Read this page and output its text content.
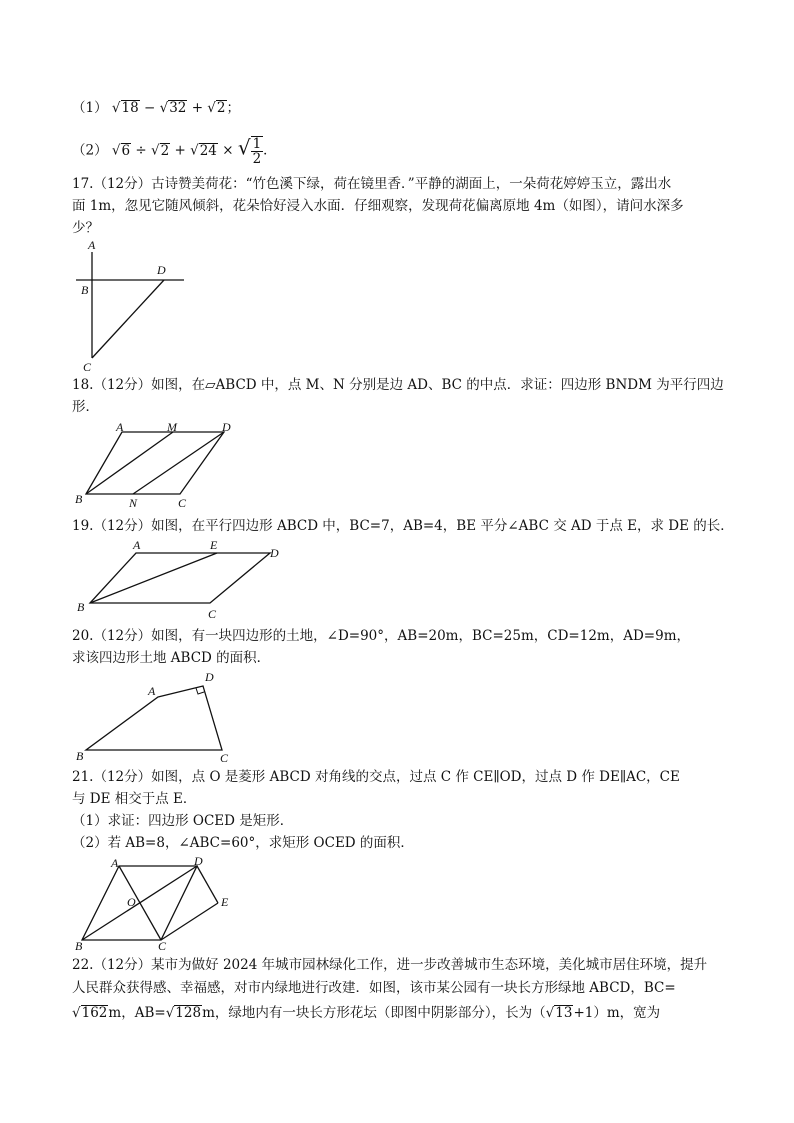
（1） √18 − √32 + √2；
（2） √6 ÷ √2 + √24 × √ $\frac{1}{2}$ ．
17.（12分）古诗赞美荷花：“竹色溪下绿，荷在镜里香．”平静的湖面上，一朵荷花婷婷玉立，露出水
面 1m，忽见它随风倾斜，花朵恰好浸入水面．仔细观察，发现荷花偏离原地 4m（如图），请问水深多
少？
A
B
C
D
18.（12分）如图，在▱ABCD 中，点 M、N 分别是边 AD、BC 的中点．求证：四边形 BNDM 为平行四边
形．
A	M	D
B	N	C
19.（12分）如图，在平行四边形 ABCD 中，BC=7，AB=4，BE 平分∠ABC 交 AD 于点 E，求 DE 的长．
A	E
D
B	C
20.（12分）如图，有一块四边形的土地，∠D=90°，AB=20m，BC=25m，CD=12m，AD=9m，
求该四边形土地 ABCD 的面积．
A
D
B	C
21.（12分）如图，点 O 是菱形 ABCD 对角线的交点，过点 C 作 CE∥OD，过点 D 作 DE∥AC，CE
与 DE 相交于点 E．
（1）求证：四边形 OCED 是矩形．
（2）若 AB=8，∠ABC=60°，求矩形 OCED 的面积．
A	D
O	E
B	C
22.（12分）某市为做好 2024 年城市园林绿化工作，进一步改善城市生态环境，美化城市居住环境，提升
人民群众获得感、幸福感，对市内绿地进行改建．如图，该市某公园有一块长方形绿地 ABCD，BC=
√162m，AB=√128m，绿地内有一块长方形花坛（即图中阴影部分），长为（√13+1）m，宽为
